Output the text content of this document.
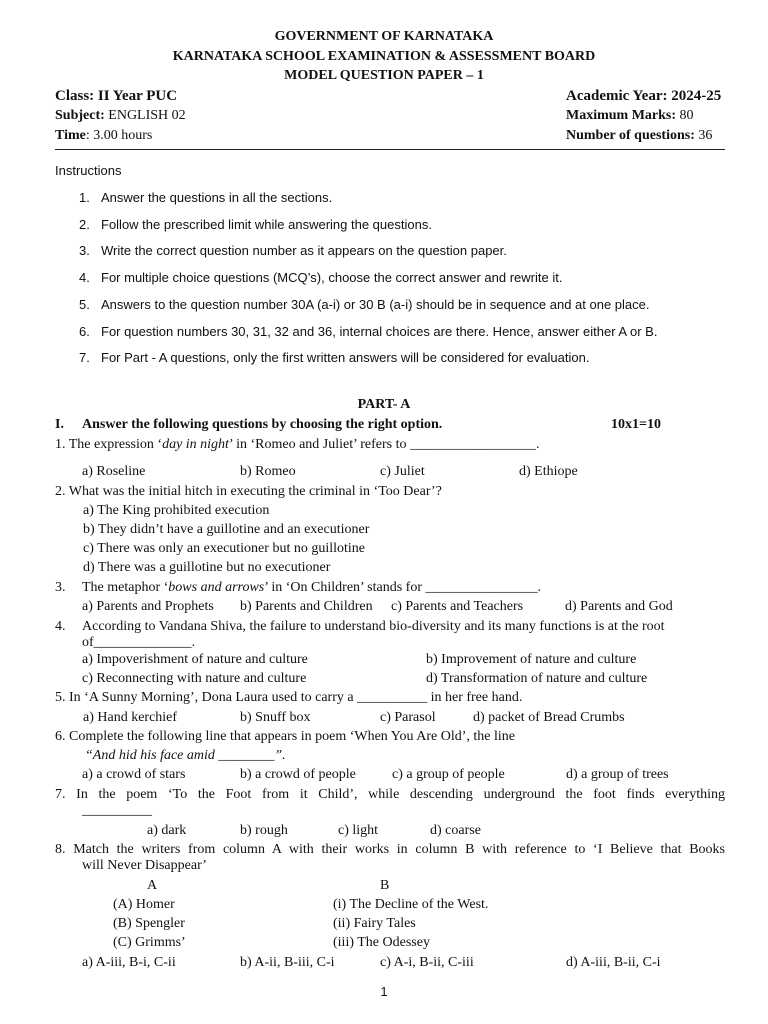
GOVERNMENT OF KARNATAKA
KARNATAKA SCHOOL EXAMINATION & ASSESSMENT BOARD
MODEL QUESTION PAPER – 1
Class: II Year PUC
Subject: ENGLISH 02
Time: 3.00 hours
Academic Year: 2024-25
Maximum Marks: 80
Number of questions: 36
Instructions
1. Answer the questions in all the sections.
2. Follow the prescribed limit while answering the questions.
3. Write the correct question number as it appears on the question paper.
4. For multiple choice questions (MCQ’s), choose the correct answer and rewrite it.
5. Answers to the question number 30A (a-i) or 30 B (a-i) should be in sequence and at one place.
6. For question numbers 30, 31, 32 and 36, internal choices are there. Hence, answer either A or B.
7. For Part - A questions, only the first written answers will be considered for evaluation.
PART- A
I. Answer the following questions by choosing the right option.	10x1=10
1. The expression ‘day in night’ in ‘Romeo and Juliet’ refers to __________________.
a) Roseline	b) Romeo	c) Juliet	d) Ethiope
2. What was the initial hitch in executing the criminal in ‘Too Dear’?
a) The King prohibited execution
b) They didn’t have a guillotine and an executioner
c) There was only an executioner but no guillotine
d) There was a guillotine but no executioner
3. The metaphor ‘bows and arrows’ in ‘On Children’ stands for ________________.
a) Parents and Prophets b) Parents and Children c) Parents and Teachers	d) Parents and God
4. According to Vandana Shiva, the failure to understand bio-diversity and its many functions is at the root
of______________.
a) Impoverishment of nature and culture	b) Improvement of nature and culture
c) Reconnecting with nature and culture	d) Transformation of nature and culture
5. In ‘A Sunny Morning’, Dona Laura used to carry a __________ in her free hand.
a) Hand kerchief	b) Snuff box	c) Parasol	d) packet of Bread Crumbs
6. Complete the following line that appears in poem ‘When You Are Old’, the line
“And hid his face amid ________”.
a) a crowd of stars	b) a crowd of people	c) a group of people	d) a group of trees
7. In the poem ‘To the Foot from it Child’, while descending underground the foot finds everything
__________
a) dark	b) rough	c) light	d) coarse
8. Match the writers from column A with their works in column B with reference to ‘I Believe that Books
will Never Disappear’
A	B
(A) Homer	(i) The Decline of the West.
(B) Spengler	(ii) Fairy Tales
(C) Grimms’	(iii) The Odessey
a) A-iii, B-i, C-ii	b) A-ii, B-iii, C-i	c) A-i, B-ii, C-iii	d) A-iii, B-ii, C-i
1
